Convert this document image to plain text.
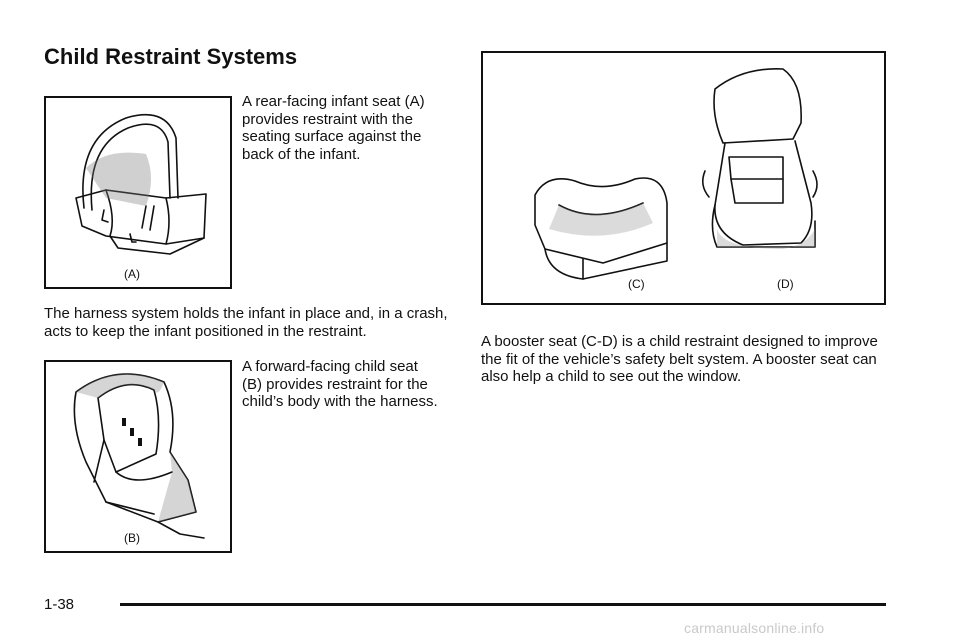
Child Restraint Systems
(A)
A rear-facing infant seat (A) provides restraint with the seating surface against the back of the infant.
The harness system holds the infant in place and, in a crash, acts to keep the infant positioned in the restraint.
(B)
A forward-facing child seat (B) provides restraint for the child’s body with the harness.
(C)	(D)
A booster seat (C-D) is a child restraint designed to improve the fit of the vehicle’s safety belt system. A booster seat can also help a child to see out the window.
1-38
carmanualsonline.info
